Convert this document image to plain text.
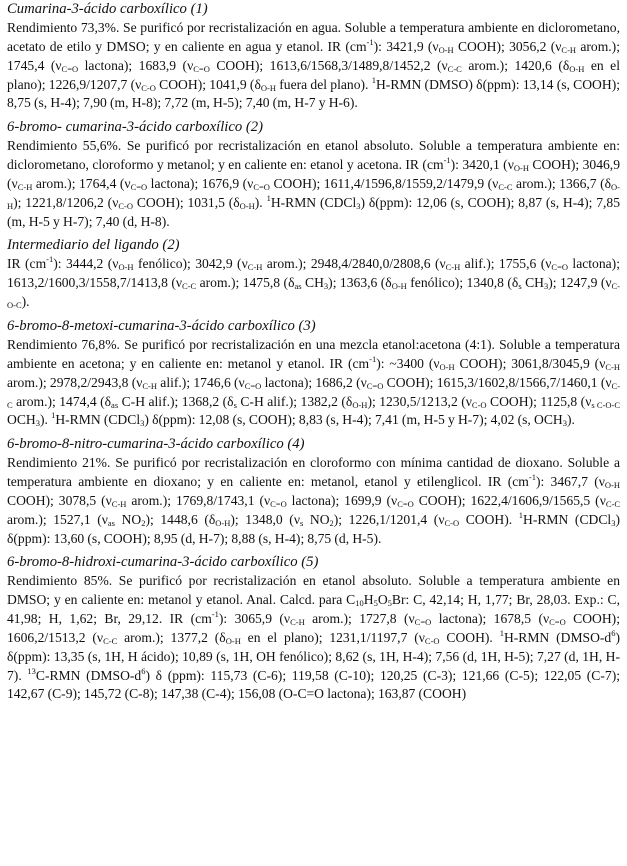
Cumarina-3-ácido carboxílico (1)

Rendimiento 73,3%. Se purificó por recristalización en agua. Soluble a temperatura ambiente en diclorometano, acetato de etilo y DMSO; y en caliente en agua y etanol. IR $(cm^{-1})$: 3421,9 ($\nu_{O-H}$ COOH); 3056,2 ($\nu_{C-H}$ arom.); 1745,4 ($\nu_{C=O}$ lactona); 1683,9 ($\nu_{C=O}$ COOH); 1613,6/1568,3/1489,8/1452,2 ($\nu_{C-C}$ arom.); 1420,6 ($\delta_{O-H}$ en el plano); 1226,9/1207,7 ($\nu_{C-O}$ COOH); 1041,9 ($\delta_{O-H}$ fuera del plano). $^1$H-RMN (DMSO) δ(ppm): 13,14 (s, COOH); 8,75 (s, H-4); 7,90 (m, H-8); 7,72 (m, H-5); 7,40 (m, H-7 y H-6).

6-bromo- cumarina-3-ácido carboxílico (2)

Rendimiento 55,6%. Se purificó por recristalización en etanol absoluto. Soluble a temperatura ambiente en: diclorometano, cloroformo y metanol; y en caliente en: etanol y acetona. IR $(cm^{-1})$: 3420,1 ($\nu_{O-H}$ COOH); 3046,9 ($\nu_{C-H}$ arom.); 1764,4 ($\nu_{C=O}$ lactona); 1676,9 ($\nu_{C=O}$ COOH); 1611,4/1596,8/1559,2/1479,9 ($\nu_{C-C}$ arom.); 1366,7 $(\delta_{O-H})$; 1221,8/1206,2 ($\nu_{C-O}$ COOH); 1031,5 $(\delta_{O-H})$. $^1$H-RMN (CDCl$_3$) δ(ppm): 12,06 (s, COOH); 8,87 (s, H-4); 7,85 (m, H-5 y H-7); 7,40 (d, H-8).

Intermediario del ligando (2)

IR $(cm^{-1})$: 3444,2 ($\nu_{O-H}$ fenólico); 3042,9 ($\nu_{C-H}$ arom.); 2948,4/2840,0/2808,6 ($\nu_{C-H}$ alif.); 1755,6 ($\nu_{C=O}$ lactona); 1613,2/1600,3/1558,7/1413,8 ($\nu_{C-C}$ arom.); 1475,8 ($\delta_{as}$ $CH_3$); 1363,6 ($\delta_{O-H}$ fenólico); 1340,8 ($\delta_s$ $CH_3$); 1247,9 $(\nu_{C-O-C})$.

6-bromo-8-metoxi-cumarina-3-ácido carboxílico (3)

Rendimiento 76,8%. Se purificó por recristalización en una mezcla etanol:acetona (4:1). Soluble a temperatura ambiente en acetona; y en caliente en: metanol y etanol. IR $(cm^{-1})$: ~3400 ($\nu_{O-H}$ COOH); 3061,8/3045,9 ($\nu_{C-H}$ arom.); 2978,2/2943,8 ($\nu_{C-H}$ alif.); 1746,6 ($\nu_{C=O}$ lactona); 1686,2 ($\nu_{C=O}$ COOH); 1615,3/1602,8/1566,7/1460,1 ($\nu_{C-C}$ arom.); 1474,4 ($\delta_{as}$ C-H alif.); 1368,2 ($\delta_s$ C-H alif.); 1382,2 $(\delta_{O-H})$; 1230,5/1213,2 ($\nu_{C-O}$ COOH); 1125,8 ($\nu_{s C-O-C}$ $OCH_3$). $^1$H-RMN (CDCl$_3$) δ(ppm): 12,08 (s, COOH); 8,83 (s, H-4); 7,41 (m, H-5 y H-7); 4,02 (s, $OCH_3$).

6-bromo-8-nitro-cumarina-3-ácido carboxílico (4)

Rendimiento 21%. Se purificó por recristalización en cloroformo con mínima cantidad de dioxano. Soluble a temperatura ambiente en dioxano; y en caliente en: metanol, etanol y etilenglicol. IR $(cm^{-1})$: 3467,7 ($\nu_{O-H}$ COOH); 3078,5 ($\nu_{C-H}$ arom.); 1769,8/1743,1 ($\nu_{C=O}$ lactona); 1699,9 ($\nu_{C=O}$ COOH); 1622,4/1606,9/1565,5 ($\nu_{C-C}$ arom.); 1527,1 ($\nu_{as}$ $NO_2$); 1448,6 $(\delta_{O-H})$; 1348,0 ($\nu_s$ $NO_2$); 1226,1/1201,4 ($\nu_{C-O}$ COOH). $^1$H-RMN (CDCl$_3$) δ(ppm): 13,60 (s, COOH); 8,95 (d, H-7); 8,88 (s, H-4); 8,75 (d, H-5).

6-bromo-8-hidroxi-cumarina-3-ácido carboxílico (5)

Rendimiento 85%. Se purificó por recristalización en etanol absoluto. Soluble a temperatura ambiente en DMSO; y en caliente en: metanol y etanol. Anal. Calcd. para $C_{10}H_5O_5Br$: C, 42,14; H, 1,77; Br, 28,03. Exp.: C, 41,98; H, 1,62; Br, 29,12. IR $(cm^{-1})$: 3065,9 ($\nu_{C-H}$ arom.); 1727,8 ($\nu_{C=O}$ lactona); 1678,5 ($\nu_{C=O}$ COOH); 1606,2/1513,2 ($\nu_{C-C}$ arom.); 1377,2 ($\delta_{O-H}$ en el plano); 1231,1/1197,7 ($\nu_{C-O}$ COOH). $^1$H-RMN $(DMSO-d^6)$ δ(ppm): 13,35 (s, 1H, H ácido); 10,89 (s, 1H, OH fenólico); 8,62 (s, 1H, H-4); 7,56 (d, 1H, H-5); 7,27 (d, 1H, H-7). $^{13}$C-RMN $(DMSO-d^6)$ δ (ppm): 115,73 (C-6); 119,58 (C-10); 120,25 (C-3); 121,66 (C-5); 122,05 (C-7); 142,67 (C-9); 145,72 (C-8); 147,38 (C-4); 156,08 (O-C=O lactona); 163,87 (COOH)
